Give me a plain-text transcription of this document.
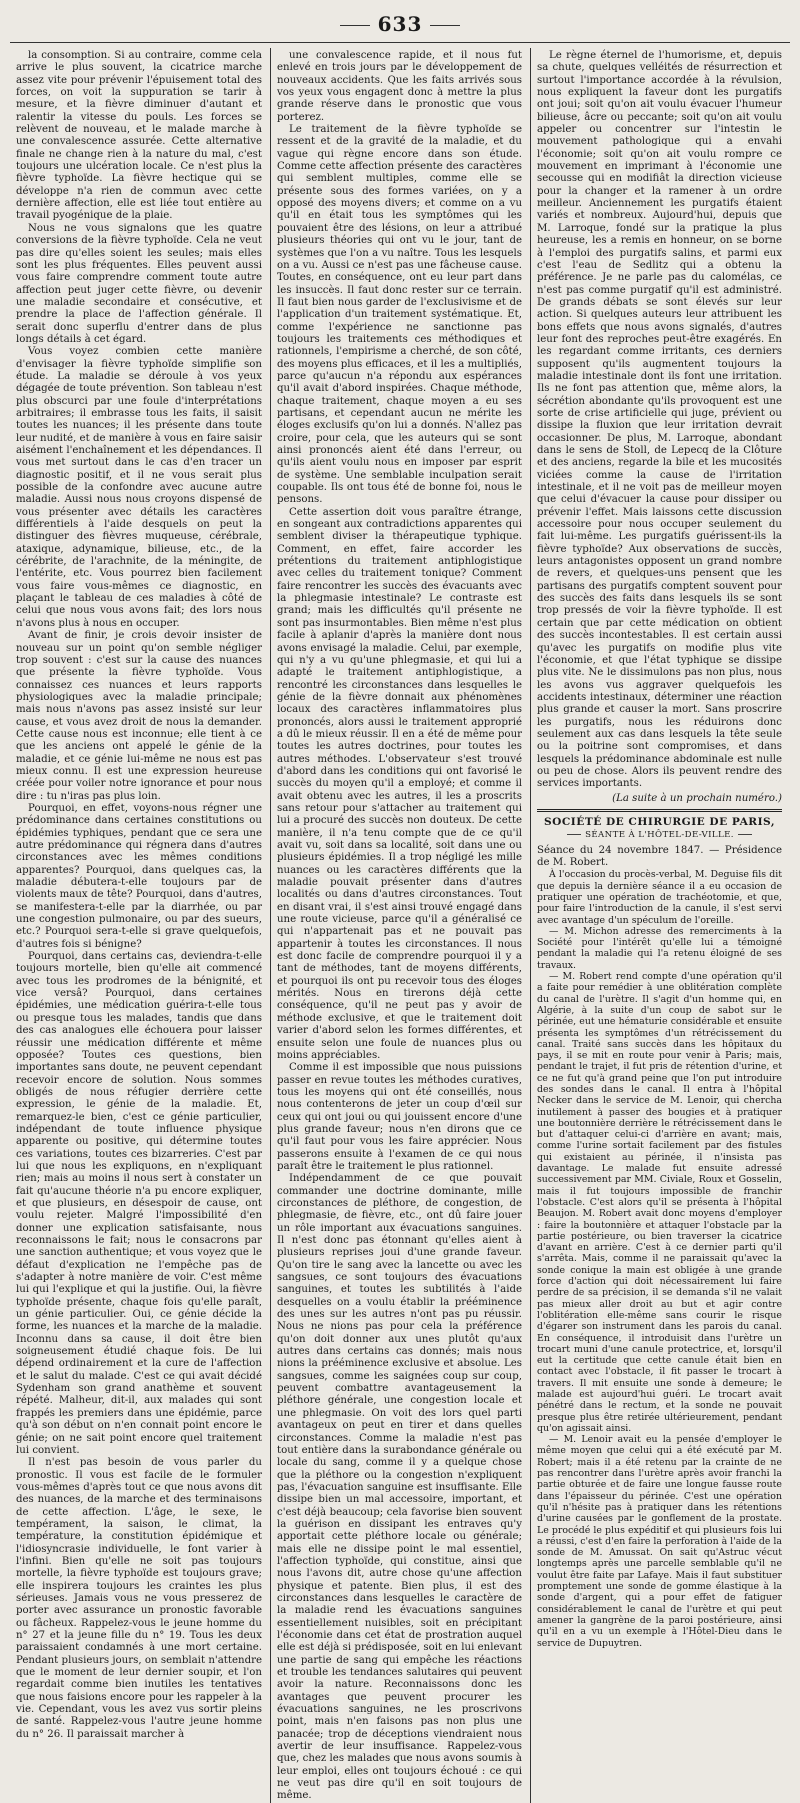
633

la consomption. Si au contraire, comme cela arrive le plus souvent, la cicatrice marche assez vite pour prévenir l'épuisement total des forces, on voit la suppuration se tarir à mesure, et la fièvre diminuer d'autant et ralentir la vitesse du pouls. Les forces se relèvent de nouveau, et le malade marche à une convalescence assurée. Cette alternative finale ne change rien à la nature du mal, c'est toujours une ulcération locale. Ce n'est plus la fièvre typhoïde. La fièvre hectique qui se développe n'a rien de commun avec cette dernière affection, elle est liée tout entière au travail pyogénique de la plaie.

Nous ne vous signalons que les quatre conversions de la fièvre typhoïde. Cela ne veut pas dire qu'elles soient les seules; mais elles sont les plus fréquentes. Elles peuvent aussi vous faire comprendre comment toute autre affection peut juger cette fièvre, ou devenir une maladie secondaire et consécutive, et prendre la place de l'affection générale. Il serait donc superflu d'entrer dans de plus longs détails à cet égard.

Vous voyez combien cette manière d'envisager la fièvre typhoïde simplifie son étude. La maladie se déroule à vos yeux dégagée de toute prévention. Son tableau n'est plus obscurci par une foule d'interprétations arbitraires; il embrasse tous les faits, il saisit toutes les nuances; il les présente dans toute leur nudité, et de manière à vous en faire saisir aisément l'enchaînement et les dépendances. Il vous met surtout dans le cas d'en tracer un diagnostic positif, et il ne vous serait plus possible de la confondre avec aucune autre maladie. Aussi nous nous croyons dispensé de vous présenter avec détails les caractères différentiels à l'aide desquels on peut la distinguer des fièvres muqueuse, cérébrale, ataxique, adynamique, bilieuse, etc., de la cérébrite, de l'arachnite, de la méningite, de l'entérite, etc. Vous pourrez bien facilement vous faire vous-mêmes ce diagnostic, en plaçant le tableau de ces maladies à côté de celui que nous vous avons fait; des lors nous n'avons plus à nous en occuper.

Avant de finir, je crois devoir insister de nouveau sur un point qu'on semble négliger trop souvent : c'est sur la cause des nuances que présente la fièvre typhoïde. Vous connaissez ces nuances et leurs rapports physiologiques avec la maladie principale; mais nous n'avons pas assez insisté sur leur cause, et vous avez droit de nous la demander. Cette cause nous est inconnue; elle tient à ce que les anciens ont appelé le génie de la maladie, et ce génie lui-même ne nous est pas mieux connu. Il est une expression heureuse créée pour voiler notre ignorance et pour nous dire : tu n'iras pas plus loin.

Pourquoi, en effet, voyons-nous régner une prédominance dans certaines constitutions ou épidémies typhiques, pendant que ce sera une autre prédominance qui régnera dans d'autres circonstances avec les mêmes conditions apparentes? Pourquoi, dans quelques cas, la maladie débutera-t-elle toujours par de violents maux de tête? Pourquoi, dans d'autres, se manifestera-t-elle par la diarrhée, ou par une congestion pulmonaire, ou par des sueurs, etc.? Pourquoi sera-t-elle si grave quelquefois, d'autres fois si bénigne?

Pourquoi, dans certains cas, deviendra-t-elle toujours mortelle, bien qu'elle ait commencé avec tous les prodromes de la bénignité, et vice versâ? Pourquoi, dans certaines épidémies, une médication guérira-t-elle tous ou presque tous les malades, tandis que dans des cas analogues elle échouera pour laisser réussir une médication différente et même opposée? Toutes ces questions, bien importantes sans doute, ne peuvent cependant recevoir encore de solution. Nous sommes obligés de nous réfugier derrière cette expression, le génie de la maladie. Et, remarquez-le bien, c'est ce génie particulier, indépendant de toute influence physique apparente ou positive, qui détermine toutes ces variations, toutes ces bizarreries. C'est par lui que nous les expliquons, en n'expliquant rien; mais au moins il nous sert à constater un fait qu'aucune théorie n'a pu encore expliquer, et que plusieurs, en désespoir de cause, ont voulu rejeter. Malgré l'impossibilité d'en donner une explication satisfaisante, nous reconnaissons le fait; nous le consacrons par une sanction authentique; et vous voyez que le défaut d'explication ne l'empêche pas de s'adapter à notre manière de voir. C'est même lui qui l'explique et qui la justifie. Oui, la fièvre typhoïde présente, chaque fois qu'elle paraît, un génie particulier. Oui, ce génie décide la forme, les nuances et la marche de la maladie. Inconnu dans sa cause, il doit être bien soigneusement étudié chaque fois. De lui dépend ordinairement et la cure de l'affection et le salut du malade. C'est ce qui avait décidé Sydenham son grand anathème et souvent répété. Malheur, dit-il, aux malades qui sont frappés les premiers dans une épidémie, parce qu'à son début on n'en connait point encore le génie; on ne sait point encore quel traitement lui convient.

Il n'est pas besoin de vous parler du pronostic. Il vous est facile de le formuler vous-mêmes d'après tout ce que nous avons dit des nuances, de la marche et des terminaisons de cette affection. L'âge, le sexe, le tempérament, la saison, le climat, la température, la constitution épidémique et l'idiosyncrasie individuelle, le font varier à l'infini. Bien qu'elle ne soit pas toujours mortelle, la fièvre typhoïde est toujours grave; elle inspirera toujours les craintes les plus sérieuses. Jamais vous ne vous presserez de porter avec assurance un pronostic favorable ou fâcheux. Rappelez-vous le jeune homme du n° 27 et la jeune fille du n° 19. Tous les deux paraissaient condamnés à une mort certaine. Pendant plusieurs jours, on semblait n'attendre que le moment de leur dernier soupir, et l'on regardait comme bien inutiles les tentatives que nous faisions encore pour les rappeler à la vie. Cependant, vous les avez vus sortir pleins de santé. Rappelez-vous l'autre jeune homme du n° 26. Il paraissait marcher à

une convalescence rapide, et il nous fut enlevé en trois jours par le développement de nouveaux accidents. Que les faits arrivés sous vos yeux vous engagent donc à mettre la plus grande réserve dans le pronostic que vous porterez.

Le traitement de la fièvre typhoïde se ressent et de la gravité de la maladie, et du vague qui règne encore dans son étude. Comme cette affection présente des caractères qui semblent multiples, comme elle se présente sous des formes variées, on y a opposé des moyens divers; et comme on a vu qu'il en était tous les symptômes qui les pouvaient être des lésions, on leur a attribué plusieurs théories qui ont vu le jour, tant de systèmes que l'on a vu naître. Tous les lesquels on a vu. Aussi ce n'est pas une fâcheuse cause. Toutes, en conséquence, ont eu leur part dans les insuccès. Il faut donc rester sur ce terrain. Il faut bien nous garder de l'exclusivisme et de l'application d'un traitement systématique. Et, comme l'expérience ne sanctionne pas toujours les traitements ces méthodiques et rationnels, l'empirisme a cherché, de son côté, des moyens plus efficaces, et il les a multipliés, parce qu'aucun n'a répondu aux espérances qu'il avait d'abord inspirées. Chaque méthode, chaque traitement, chaque moyen a eu ses partisans, et cependant aucun ne mérite les éloges exclusifs qu'on lui a donnés. N'allez pas croire, pour cela, que les auteurs qui se sont ainsi prononcés aient été dans l'erreur, ou qu'ils aient voulu nous en imposer par esprit de système. Une semblable inculpation serait coupable. Ils ont tous été de bonne foi, nous le pensons.

Cette assertion doit vous paraître étrange, en songeant aux contradictions apparentes qui semblent diviser la thérapeutique typhique. Comment, en effet, faire accorder les prétentions du traitement antiphlogistique avec celles du traitement tonique? Comment faire rencontrer les succès des évacuants avec la phlegmasie intestinale? Le contraste est grand; mais les difficultés qu'il présente ne sont pas insurmontables. Bien même n'est plus facile à aplanir d'après la manière dont nous avons envisagé la maladie. Celui, par exemple, qui n'y a vu qu'une phlegmasie, et qui lui a adapté le traitement antiphlogistique, a rencontré les circonstances dans lesquelles le génie de la fièvre donnait aux phénomènes locaux des caractères inflammatoires plus prononcés, alors aussi le traitement approprié a dû le mieux réussir. Il en a été de même pour toutes les autres doctrines, pour toutes les autres méthodes. L'observateur s'est trouvé d'abord dans les conditions qui ont favorisé le succès du moyen qu'il a employé; et comme il avait obtenu avec les autres, il les a proscrits sans retour pour s'attacher au traitement qui lui a procuré des succès non douteux. De cette manière, il n'a tenu compte que de ce qu'il avait vu, soit dans sa localité, soit dans une ou plusieurs épidémies. Il a trop négligé les mille nuances ou les caractères différents que la maladie pouvait présenter dans d'autres localités ou dans d'autres circonstances. Tout en disant vrai, il s'est ainsi trouvé engagé dans une route vicieuse, parce qu'il a généralisé ce qui n'appartenait pas et ne pouvait pas appartenir à toutes les circonstances. Il nous est donc facile de comprendre pourquoi il y a tant de méthodes, tant de moyens différents, et pourquoi ils ont pu recevoir tous des éloges mérités. Nous en tirerons déjà cette conséquence, qu'il ne peut pas y avoir de méthode exclusive, et que le traitement doit varier d'abord selon les formes différentes, et ensuite selon une foule de nuances plus ou moins appréciables.

Comme il est impossible que nous puissions passer en revue toutes les méthodes curatives, tous les moyens qui ont été conseillés, nous nous contenterons de jeter un coup d'œil sur ceux qui ont joui ou qui jouissent encore d'une plus grande faveur; nous n'en dirons que ce qu'il faut pour vous les faire apprécier. Nous passerons ensuite à l'examen de ce qui nous paraît être le traitement le plus rationnel.

Indépendamment de ce que pouvait commander une doctrine dominante, mille circonstances de pléthore, de congestion, de phlegmasie, de fièvre, etc., ont dû faire jouer un rôle important aux évacuations sanguines. Il n'est donc pas étonnant qu'elles aient à plusieurs reprises joui d'une grande faveur. Qu'on tire le sang avec la lancette ou avec les sangsues, ce sont toujours des évacuations sanguines, et toutes les subtilités à l'aide desquelles on a voulu établir la prééminence des unes sur les autres n'ont pas pu réussir. Nous ne nions pas pour cela la préférence qu'on doit donner aux unes plutôt qu'aux autres dans certains cas donnés; mais nous nions la prééminence exclusive et absolue. Les sangsues, comme les saignées coup sur coup, peuvent combattre avantageusement la pléthore générale, une congestion locale et une phlegmasie. On voit des lors quel parti avantageux on peut en tirer et dans quelles circonstances. Comme la maladie n'est pas tout entière dans la surabondance générale ou locale du sang, comme il y a quelque chose que la pléthore ou la congestion n'expliquent pas, l'évacuation sanguine est insuffisante. Elle dissipe bien un mal accessoire, important, et c'est déjà beaucoup; cela favorise bien souvent la guérison en dissipant les entraves qu'y apportait cette pléthore locale ou générale; mais elle ne dissipe point le mal essentiel, l'affection typhoïde, qui constitue, ainsi que nous l'avons dit, autre chose qu'une affection physique et patente. Bien plus, il est des circonstances dans lesquelles le caractère de la maladie rend les évacuations sanguines essentiellement nuisibles, soit en précipitant l'économie dans cet état de prostration auquel elle est déjà si prédisposée, soit en lui enlevant une partie de sang qui empêche les réactions et trouble les tendances salutaires qui peuvent avoir la nature. Reconnaissons donc les avantages que peuvent procurer les évacuations sanguines, ne les proscrivons point, mais n'en faisons pas non plus une panacée; trop de déceptions viendraient nous avertir de leur insuffisance. Rappelez-vous que, chez les malades que nous avons soumis à leur emploi, elles ont toujours échoué : ce qui ne veut pas dire qu'il en soit toujours de même.

Le règne éternel de l'humorisme, et, depuis sa chute, quelques velléités de résurrection et surtout l'importance accordée à la révulsion, nous expliquent la faveur dont les purgatifs ont joui; soit qu'on ait voulu évacuer l'humeur bilieuse, âcre ou peccante; soit qu'on ait voulu appeler ou concentrer sur l'intestin le mouvement pathologique qui a envahi l'économie; soit qu'on ait voulu rompre ce mouvement en imprimant à l'économie une secousse qui en modifiât la direction vicieuse pour la changer et la ramener à un ordre meilleur. Anciennement les purgatifs étaient variés et nombreux. Aujourd'hui, depuis que M. Larroque, fondé sur la pratique la plus heureuse, les a remis en honneur, on se borne à l'emploi des purgatifs salins, et parmi eux c'est l'eau de Sedlitz qui a obtenu la préférence. Je ne parle pas du calomélas, ce n'est pas comme purgatif qu'il est administré. De grands débats se sont élevés sur leur action. Si quelques auteurs leur attribuent les bons effets que nous avons signalés, d'autres leur font des reproches peut-être exagérés. En les regardant comme irritants, ces derniers supposent qu'ils augmentent toujours la maladie intestinale dont ils font une irritation. Ils ne font pas attention que, même alors, la sécrétion abondante qu'ils provoquent est une sorte de crise artificielle qui juge, prévient ou dissipe la fluxion que leur irritation devrait occasionner. De plus, M. Larroque, abondant dans le sens de Stoll, de Lepecq de la Clôture et des anciens, regarde la bile et les mucosités viciées comme la cause de l'irritation intestinale, et il ne voit pas de meilleur moyen que celui d'évacuer la cause pour dissiper ou prévenir l'effet. Mais laissons cette discussion accessoire pour nous occuper seulement du fait lui-même. Les purgatifs guérissent-ils la fièvre typhoïde? Aux observations de succès, leurs antagonistes opposent un grand nombre de revers, et quelques-uns pensent que les partisans des purgatifs comptent souvent pour des succès des faits dans lesquels ils se sont trop pressés de voir la fièvre typhoïde. Il est certain que par cette médication on obtient des succès incontestables. Il est certain aussi qu'avec les purgatifs on modifie plus vite l'économie, et que l'état typhique se dissipe plus vite. Ne le dissimulons pas non plus, nous les avons vus aggraver quelquefois les accidents intestinaux, déterminer une réaction plus grande et causer la mort. Sans proscrire les purgatifs, nous les réduirons donc seulement aux cas dans lesquels la tête seule ou la poitrine sont compromises, et dans lesquels la prédominance abdominale est nulle ou peu de chose. Alors ils peuvent rendre des services importants.

(La suite à un prochain numéro.)
SOCIÉTÉ DE CHIRURGIE DE PARIS,
SÉANTE À L'HÔTEL-DE-VILLE.

Séance du 24 novembre 1847. — Présidence de M. Robert.

À l'occasion du procès-verbal, M. Deguise fils dit que depuis la dernière séance il a eu occasion de pratiquer une opération de trachéotomie, et que, pour faire l'introduction de la canule, il s'est servi avec avantage d'un spéculum de l'oreille.

— M. Michon adresse des remerciments à la Société pour l'intérêt qu'elle lui a témoigné pendant la maladie qui l'a retenu éloigné de ses travaux.

— M. Robert rend compte d'une opération qu'il a faite pour remédier à une oblitération complète du canal de l'urètre. Il s'agit d'un homme qui, en Algérie, à la suite d'un coup de sabot sur le périnée, eut une hématurie considérable et ensuite présenta les symptômes d'un rétrécissement du canal. Traité sans succès dans les hôpitaux du pays, il se mit en route pour venir à Paris; mais, pendant le trajet, il fut pris de rétention d'urine, et ce ne fut qu'à grand peine que l'on put introduire des sondes dans le canal. Il entra à l'hôpital Necker dans le service de M. Lenoir, qui chercha inutilement à passer des bougies et à pratiquer une boutonnière derrière le rétrécissement dans le but d'attaquer celui-ci d'arrière en avant; mais, comme l'urine sortait facilement par des fistules qui existaient au périnée, il n'insista pas davantage. Le malade fut ensuite adressé successivement par MM. Civiale, Roux et Gosselin, mais il fut toujours impossible de franchir l'obstacle. C'est alors qu'il se présenta à l'hôpital Beaujon. M. Robert avait donc moyens d'employer : faire la boutonnière et attaquer l'obstacle par la partie postérieure, ou bien traverser la cicatrice d'avant en arrière. C'est à ce dernier parti qu'il s'arrêta. Mais, comme il ne paraissait qu'avec la sonde conique la main est obligée à une grande force d'action qui doit nécessairement lui faire perdre de sa précision, il se demanda s'il ne valait pas mieux aller droit au but et agir contre l'oblitération elle-même sans courir le risque d'égarer son instrument dans les parois du canal. En conséquence, il introduisit dans l'urètre un trocart muni d'une canule protectrice, et, lorsqu'il eut la certitude que cette canule était bien en contact avec l'obstacle, il fit passer le trocart à travers. Il mit ensuite une sonde à demeure; le malade est aujourd'hui guéri. Le trocart avait pénétré dans le rectum, et la sonde ne pouvait presque plus être retirée ultérieurement, pendant qu'on agissait ainsi.

— M. Lenoir avait eu la pensée d'employer le même moyen que celui qui a été exécuté par M. Robert; mais il a été retenu par la crainte de ne pas rencontrer dans l'urètre après avoir franchi la partie obturée et de faire une longue fausse route dans l'épaisseur du périnée. C'est une opération qu'il n'hésite pas à pratiquer dans les rétentions d'urine causées par le gonflement de la prostate. Le procédé le plus expéditif et qui plusieurs fois lui a réussi, c'est d'en faire la perforation à l'aide de la sonde de M. Amussat. On sait qu'Astruc vécut longtemps après une parcelle semblable qu'il ne voulut être faite par Lafaye. Mais il faut substituer promptement une sonde de gomme élastique à la sonde d'argent, qui a pour effet de fatiguer considérablement le canal de l'urètre et qui peut amener la gangrène de la paroi postérieure, ainsi qu'il en a vu un exemple à l'Hôtel-Dieu dans le service de Dupuytren.
